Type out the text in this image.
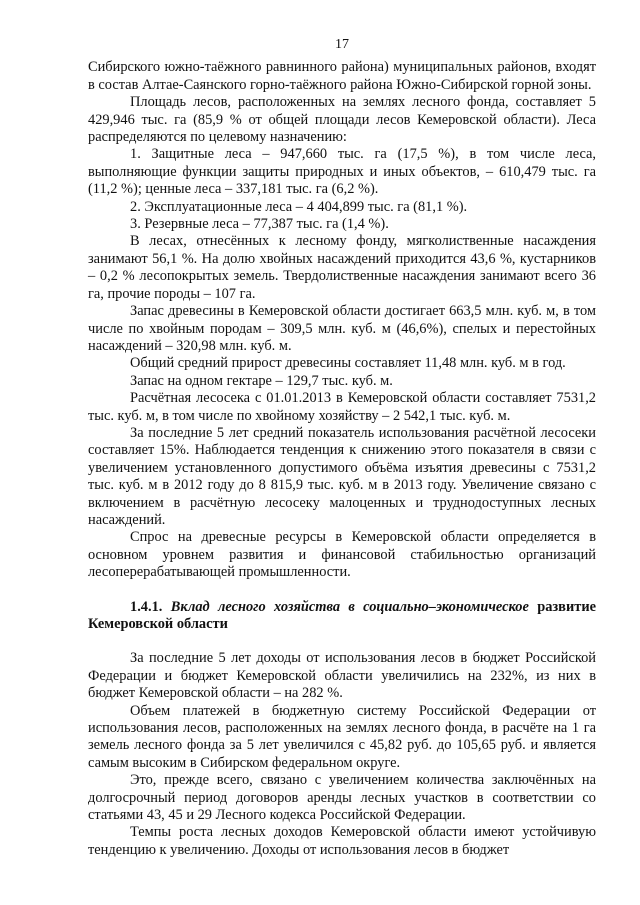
17

Сибирского южно-таёжного равнинного района) муниципальных районов, входят в состав Алтае-Саянского горно-таёжного района Южно-Сибирской горной зоны.

Площадь лесов, расположенных на землях лесного фонда, составляет 5 429,946 тыс. га (85,9 % от общей площади лесов Кемеровской области). Леса распределяются по целевому назначению:

1. Защитные леса – 947,660 тыс. га (17,5 %), в том числе леса, выполняющие функции защиты природных и иных объектов, – 610,479 тыс. га (11,2 %); ценные леса – 337,181 тыс. га (6,2 %).

2. Эксплуатационные леса – 4 404,899 тыс. га (81,1 %).

3. Резервные леса – 77,387 тыс. га (1,4 %).

В лесах, отнесённых к лесному фонду, мягколиственные насаждения занимают 56,1 %. На долю хвойных насаждений приходится 43,6 %, кустарников – 0,2 % лесопокрытых земель. Твердолиственные насаждения занимают всего 36 га, прочие породы – 107 га.

Запас древесины в Кемеровской области достигает 663,5 млн. куб. м, в том числе по хвойным породам – 309,5 млн. куб. м (46,6%), спелых и перестойных насаждений – 320,98 млн. куб. м.

Общий средний прирост древесины составляет 11,48 млн. куб. м в год.

Запас на одном гектаре – 129,7 тыс. куб. м.

Расчётная лесосека с 01.01.2013 в Кемеровской области составляет 7531,2 тыс. куб. м, в том числе по хвойному хозяйству – 2 542,1 тыс. куб. м.

За последние 5 лет средний показатель использования расчётной лесосеки составляет 15%. Наблюдается тенденция к снижению этого показателя в связи с увеличением установленного допустимого объёма изъятия древесины с 7531,2 тыс. куб. м в 2012 году до 8 815,9 тыс. куб. м в 2013 году. Увеличение связано с включением в расчётную лесосеку малоценных и труднодоступных лесных насаждений.

Спрос на древесные ресурсы в Кемеровской области определяется в основном уровнем развития и финансовой стабильностью организаций лесоперерабатывающей промышленности.

1.4.1. Вклад лесного хозяйства в социально–экономическое развитие Кемеровской области

За последние 5 лет доходы от использования лесов в бюджет Российской Федерации и бюджет Кемеровской области увеличились на 232%, из них в бюджет Кемеровской области – на 282 %.

Объем платежей в бюджетную систему Российской Федерации от использования лесов, расположенных на землях лесного фонда, в расчёте на 1 га земель лесного фонда за 5 лет увеличился с 45,82 руб. до 105,65 руб. и является самым высоким в Сибирском федеральном округе.

Это, прежде всего, связано с увеличением количества заключённых на долгосрочный период договоров аренды лесных участков в соответствии со статьями 43, 45 и 29 Лесного кодекса Российской Федерации.

Темпы роста лесных доходов Кемеровской области имеют устойчивую тенденцию к увеличению. Доходы от использования лесов в бюджет
